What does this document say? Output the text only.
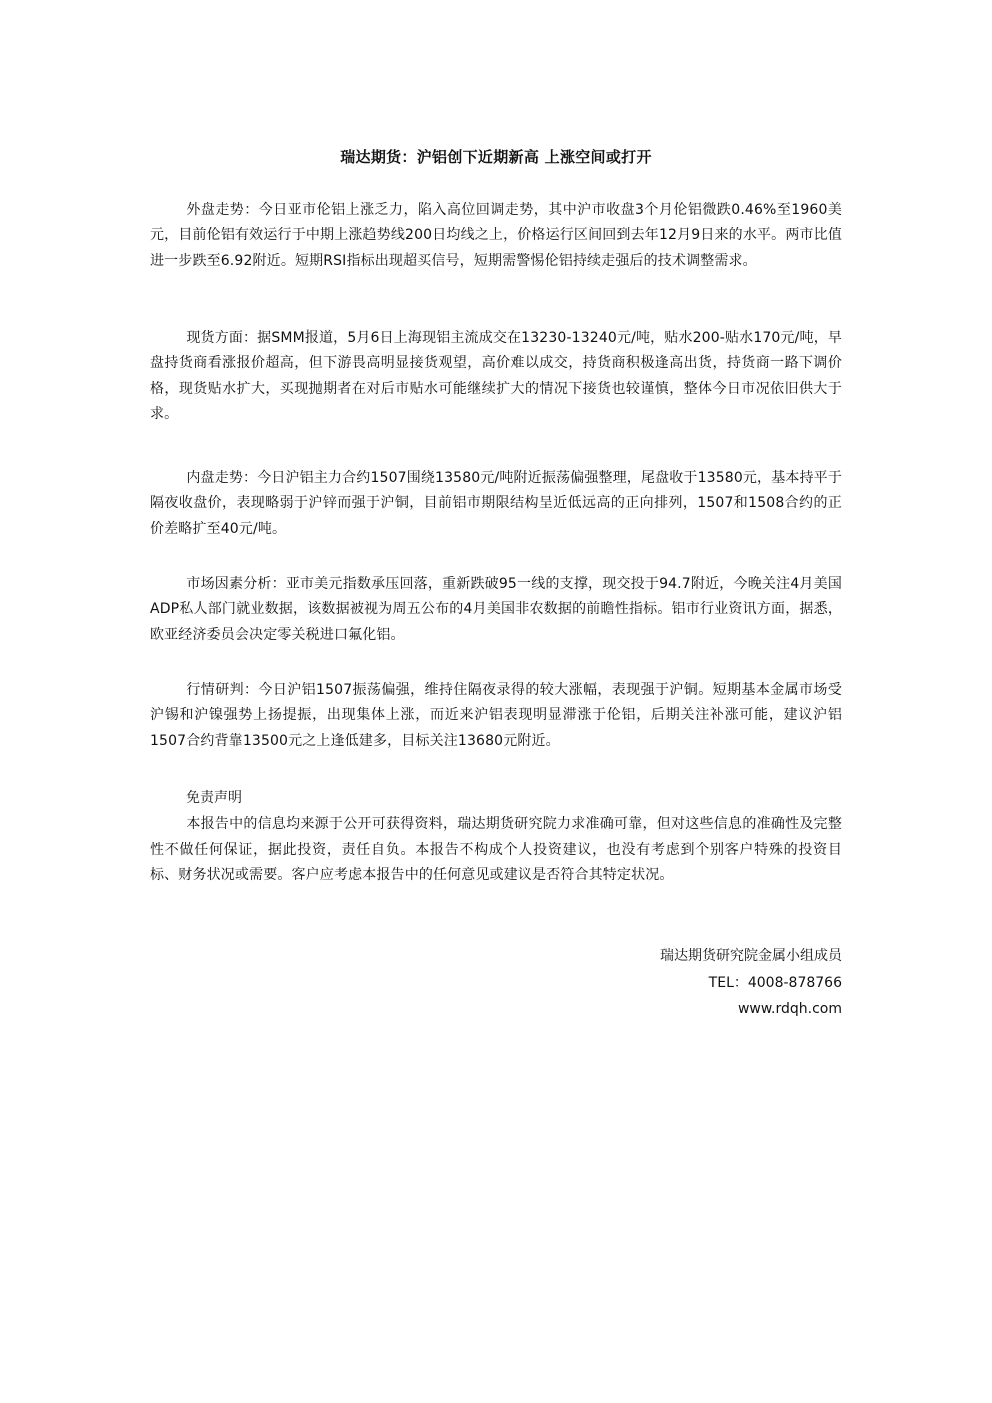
瑞达期货：沪铝创下近期新高 上涨空间或打开

外盘走势：今日亚市伦铝上涨乏力，陷入高位回调走势，其中沪市收盘3个月伦铝微跌0.46%至1960美元，目前伦铝有效运行于中期上涨趋势线200日均线之上，价格运行区间回到去年12月9日来的水平。两市比值进一步跌至6.92附近。短期RSI指标出现超买信号，短期需警惕伦铝持续走强后的技术调整需求。

现货方面：据SMM报道，5月6日上海现铝主流成交在13230-13240元/吨，贴水200-贴水170元/吨，早盘持货商看涨报价超高，但下游畏高明显接货观望，高价难以成交，持货商积极逢高出货，持货商一路下调价格，现货贴水扩大，买现抛期者在对后市贴水可能继续扩大的情况下接货也较谨慎，整体今日市况依旧供大于求。

内盘走势：今日沪铝主力合约1507围绕13580元/吨附近振荡偏强整理，尾盘收于13580元，基本持平于隔夜收盘价，表现略弱于沪锌而强于沪铜，目前铝市期限结构呈近低远高的正向排列，1507和1508合约的正价差略扩至40元/吨。

市场因素分析：亚市美元指数承压回落，重新跌破95一线的支撑，现交投于94.7附近，今晚关注4月美国ADP私人部门就业数据，该数据被视为周五公布的4月美国非农数据的前瞻性指标。铝市行业资讯方面，据悉，欧亚经济委员会决定零关税进口氟化铝。

行情研判：今日沪铝1507振荡偏强，维持住隔夜录得的较大涨幅，表现强于沪铜。短期基本金属市场受沪锡和沪镍强势上扬提振，出现集体上涨，而近来沪铝表现明显滞涨于伦铝，后期关注补涨可能，建议沪铝1507合约背靠13500元之上逢低建多，目标关注13680元附近。

免责声明

本报告中的信息均来源于公开可获得资料，瑞达期货研究院力求准确可靠，但对这些信息的准确性及完整性不做任何保证，据此投资，责任自负。本报告不构成个人投资建议，也没有考虑到个别客户特殊的投资目标、财务状况或需要。客户应考虑本报告中的任何意见或建议是否符合其特定状况。

瑞达期货研究院金属小组成员
TEL：4008-878766
www.rdqh.com
